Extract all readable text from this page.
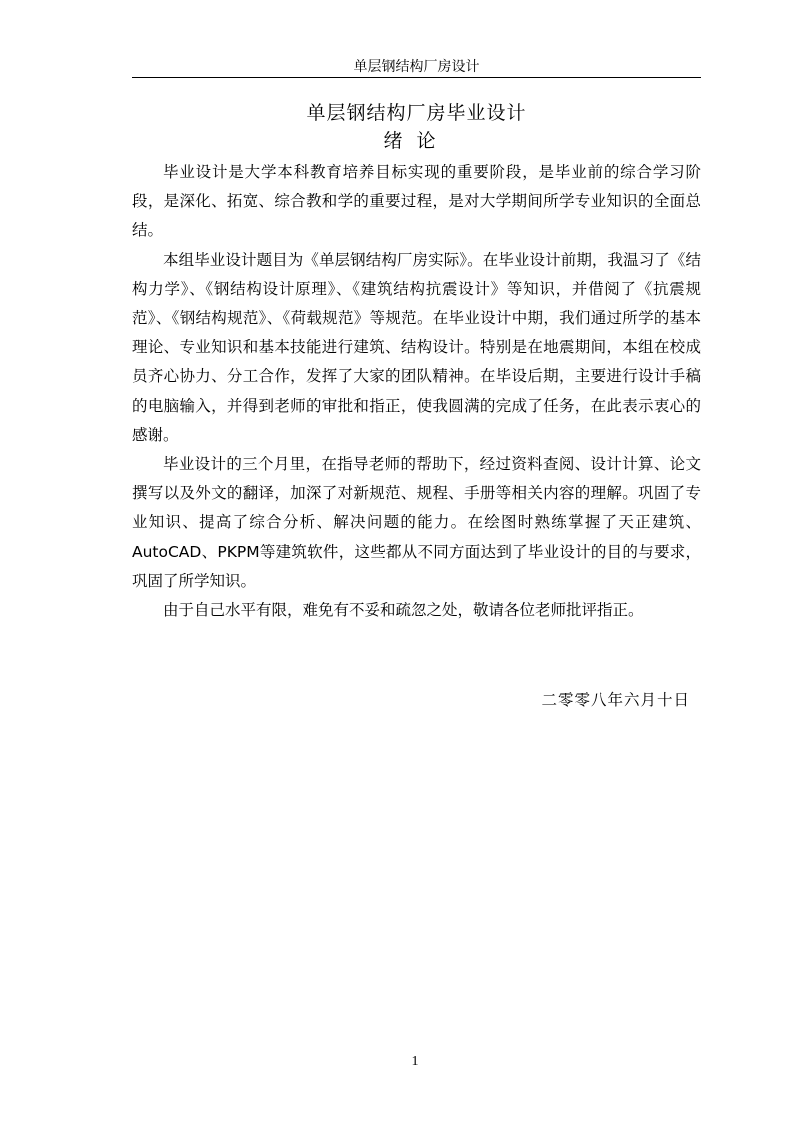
单层钢结构厂房设计
单层钢结构厂房毕业设计
绪论

毕业设计是大学本科教育培养目标实现的重要阶段，是毕业前的综合学习阶段，是深化、拓宽、综合教和学的重要过程，是对大学期间所学专业知识的全面总结。

本组毕业设计题目为《单层钢结构厂房实际》。在毕业设计前期，我温习了《结构力学》、《钢结构设计原理》、《建筑结构抗震设计》等知识，并借阅了《抗震规范》、《钢结构规范》、《荷载规范》等规范。在毕业设计中期，我们通过所学的基本理论、专业知识和基本技能进行建筑、结构设计。特别是在地震期间，本组在校成员齐心协力、分工合作，发挥了大家的团队精神。在毕设后期，主要进行设计手稿的电脑输入，并得到老师的审批和指正，使我圆满的完成了任务，在此表示衷心的感谢。

毕业设计的三个月里，在指导老师的帮助下，经过资料查阅、设计计算、论文撰写以及外文的翻译，加深了对新规范、规程、手册等相关内容的理解。巩固了专业知识、提高了综合分析、解决问题的能力。在绘图时熟练掌握了天正建筑、AutoCAD、PKPM等建筑软件，这些都从不同方面达到了毕业设计的目的与要求，巩固了所学知识。

由于自己水平有限，难免有不妥和疏忽之处，敬请各位老师批评指正。

二零零八年六月十日
1
